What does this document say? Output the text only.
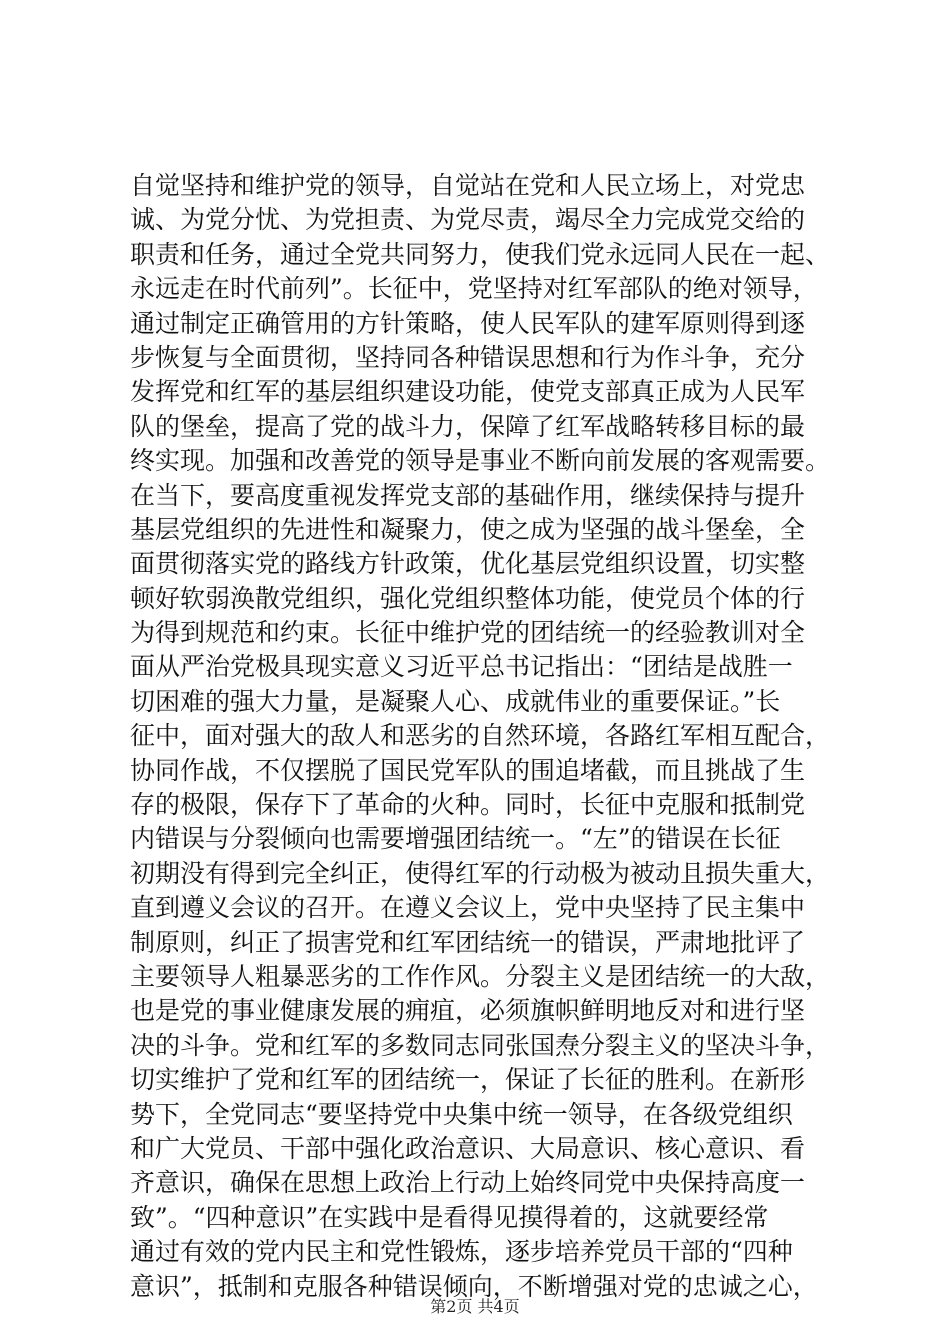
自觉坚持和维护党的领导，自觉站在党和人民立场上，对党忠
诚、为党分忧、为党担责、为党尽责，竭尽全力完成党交给的
职责和任务，通过全党共同努力，使我们党永远同人民在一起、
永远走在时代前列”。长征中，党坚持对红军部队的绝对领导，
通过制定正确管用的方针策略，使人民军队的建军原则得到逐
步恢复与全面贯彻，坚持同各种错误思想和行为作斗争，充分
发挥党和红军的基层组织建设功能，使党支部真正成为人民军
队的堡垒，提高了党的战斗力，保障了红军战略转移目标的最
终实现。加强和改善党的领导是事业不断向前发展的客观需要。
在当下，要高度重视发挥党支部的基础作用，继续保持与提升
基层党组织的先进性和凝聚力，使之成为坚强的战斗堡垒，全
面贯彻落实党的路线方针政策，优化基层党组织设置，切实整
顿好软弱涣散党组织，强化党组织整体功能，使党员个体的行
为得到规范和约束。长征中维护党的团结统一的经验教训对全
面从严治党极具现实意义习近平总书记指出：“团结是战胜一
切困难的强大力量，是凝聚人心、成就伟业的重要保证。”长
征中，面对强大的敌人和恶劣的自然环境，各路红军相互配合，
协同作战，不仅摆脱了国民党军队的围追堵截，而且挑战了生
存的极限，保存下了革命的火种。同时，长征中克服和抵制党
内错误与分裂倾向也需要增强团结统一。“左”的错误在长征
初期没有得到完全纠正，使得红军的行动极为被动且损失重大，
直到遵义会议的召开。在遵义会议上，党中央坚持了民主集中
制原则，纠正了损害党和红军团结统一的错误，严肃地批评了
主要领导人粗暴恶劣的工作作风。分裂主义是团结统一的大敌，
也是党的事业健康发展的痈疽，必须旗帜鲜明地反对和进行坚
决的斗争。党和红军的多数同志同张国焘分裂主义的坚决斗争，
切实维护了党和红军的团结统一，保证了长征的胜利。在新形
势下，全党同志“要坚持党中央集中统一领导，在各级党组织
和广大党员、干部中强化政治意识、大局意识、核心意识、看
齐意识，确保在思想上政治上行动上始终同党中央保持高度一
致”。“四种意识”在实践中是看得见摸得着的，这就要经常
通过有效的党内民主和党性锻炼，逐步培养党员干部的“四种
意识”，抵制和克服各种错误倾向，不断增强对党的忠诚之心，
第2页 共4页
